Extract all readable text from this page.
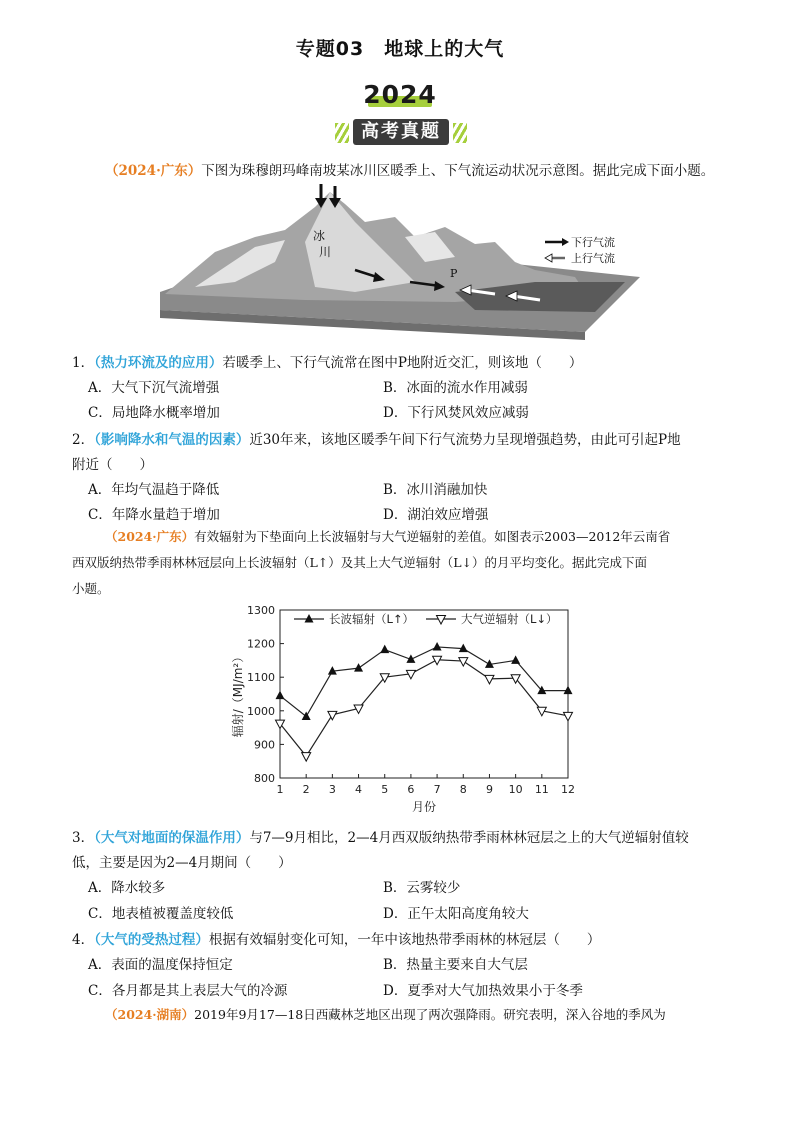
专题03　地球上的大气
2024
高考真题
（2024·广东）下图为珠穆朗玛峰南坡某冰川区暖季上、下气流运动状况示意图。据此完成下面小题。
冰
川
P
下行气流
上行气流
1．（热力环流及的应用）若暖季上、下行气流常在图中P地附近交汇，则该地（　　）
A．大气下沉气流增强	B．冰面的流水作用减弱
C．局地降水概率增加	D．下行风焚风效应减弱
2．（影响降水和气温的因素）近30年来，该地区暖季午间下行气流势力呈现增强趋势，由此可引起P地
附近（　　）
A．年均气温趋于降低	B．冰川消融加快
C．年降水量趋于增加	D．湖泊效应增强
（2024·广东）有效辐射为下垫面向上长波辐射与大气逆辐射的差值。如图表示2003—2012年云南省
西双版纳热带季雨林林冠层向上长波辐射（L↑）及其上大气逆辐射（L↓）的月平均变化。据此完成下面
小题。
800
900
1000
1100
1200
1300
1 2 3 4 5 6 7 8 9 10 11 12
月份
辐射/（MJ/m²）
长波辐射（L↑）	大气逆辐射（L↓）
3．（大气对地面的保温作用）与7—9月相比，2—4月西双版纳热带季雨林林冠层之上的大气逆辐射值较
低，主要是因为2—4月期间（　　）
A．降水较多	B．云雾较少
C．地表植被覆盖度较低	D．正午太阳高度角较大
4．（大气的受热过程）根据有效辐射变化可知，一年中该地热带季雨林的林冠层（　　）
A．表面的温度保持恒定	B．热量主要来自大气层
C．各月都是其上表层大气的冷源	D．夏季对大气加热效果小于冬季
（2024·湖南）2019年9月17—18日西藏林芝地区出现了两次强降雨。研究表明，深入谷地的季风为
